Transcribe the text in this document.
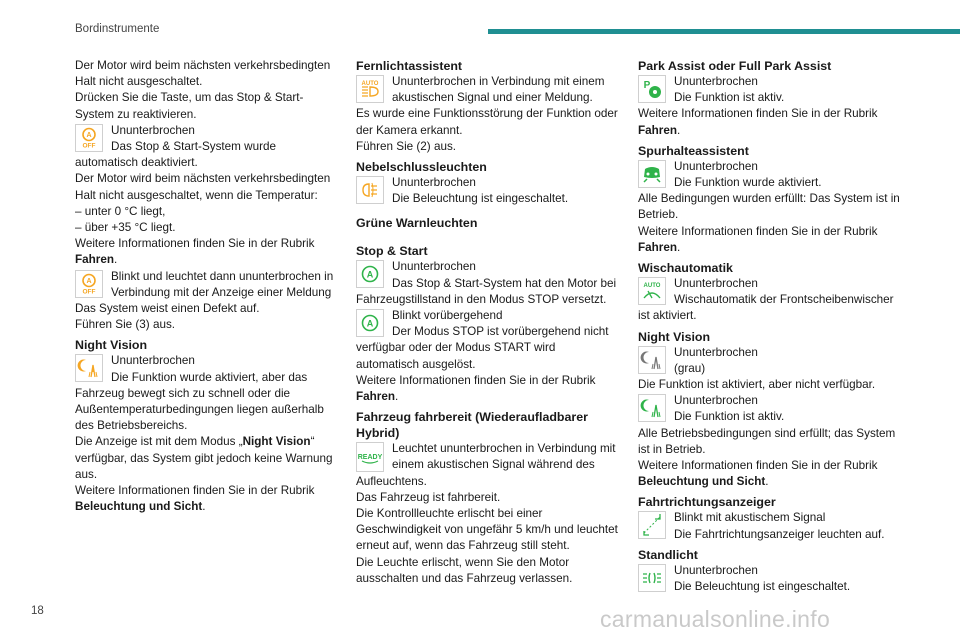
Bordinstrumente

Der Motor wird beim nächsten verkehrsbedingten Halt nicht ausgeschaltet.

Drücken Sie die Taste, um das Stop & Start-System zu reaktivieren.

A
OFF

Ununterbrochen

Das Stop & Start-System wurde automatisch deaktiviert.

Der Motor wird beim nächsten verkehrsbedingten Halt nicht ausgeschaltet, wenn die Temperatur:

– unter 0 °C liegt,

– über +35 °C liegt.

Weitere Informationen finden Sie in der Rubrik Fahren.

A
OFF

Blinkt und leuchtet dann ununterbrochen in Verbindung mit der Anzeige einer Meldung

Das System weist einen Defekt auf.

Führen Sie (3) aus.

Night Vision

Ununterbrochen

Die Funktion wurde aktiviert, aber das Fahrzeug bewegt sich zu schnell oder die Außentemperaturbedingungen liegen außerhalb des Betriebsbereichs.

Die Anzeige ist mit dem Modus „Night Vision“ verfügbar, das System gibt jedoch keine Warnung aus.

Weitere Informationen finden Sie in der Rubrik Beleuchtung und Sicht.

Fernlichtassistent

AUTO	Ununterbrochen in Verbindung mit einem akustischen Signal und einer Meldung.

Es wurde eine Funktionsstörung der Funktion oder der Kamera erkannt.

Führen Sie (2) aus.

Nebelschlussleuchten

Ununterbrochen

Die Beleuchtung ist eingeschaltet.

Grüne Warnleuchten

Stop & Start

A

Ununterbrochen

Das Stop & Start-System hat den Motor bei Fahrzeugstillstand in den Modus STOP versetzt.

A

Blinkt vorübergehend

Der Modus STOP ist vorübergehend nicht verfügbar oder der Modus START wird automatisch ausgelöst.

Weitere Informationen finden Sie in der Rubrik Fahren.

Fahrzeug fahrbereit (Wiederaufladbarer Hybrid)

READY

Leuchtet ununterbrochen in Verbindung mit einem akustischen Signal während des Aufleuchtens.

Das Fahrzeug ist fahrbereit.

Die Kontrollleuchte erlischt bei einer Geschwindigkeit von ungefähr 5 km/h und leuchtet erneut auf, wenn das Fahrzeug still steht.

Die Leuchte erlischt, wenn Sie den Motor ausschalten und das Fahrzeug verlassen.

Park Assist oder Full Park Assist

P	Ununterbrochen

Die Funktion ist aktiv.

Weitere Informationen finden Sie in der Rubrik Fahren.

Spurhalteassistent

Ununterbrochen

Die Funktion wurde aktiviert.

Alle Bedingungen wurden erfüllt: Das System ist in Betrieb.

Weitere Informationen finden Sie in der Rubrik Fahren.

Wischautomatik

AUTO	Ununterbrochen

Wischautomatik der Frontscheibenwischer ist aktiviert.

Night Vision

Ununterbrochen

(grau)

Die Funktion ist aktiviert, aber nicht verfügbar.

Ununterbrochen

Die Funktion ist aktiv.

Alle Betriebsbedingungen sind erfüllt; das System ist in Betrieb.

Weitere Informationen finden Sie in der Rubrik Beleuchtung und Sicht.

Fahrtrichtungsanzeiger

Blinkt mit akustischem Signal

Die Fahrtrichtungsanzeiger leuchten auf.

Standlicht

Ununterbrochen

Die Beleuchtung ist eingeschaltet.

18	carmanualsonline.info
